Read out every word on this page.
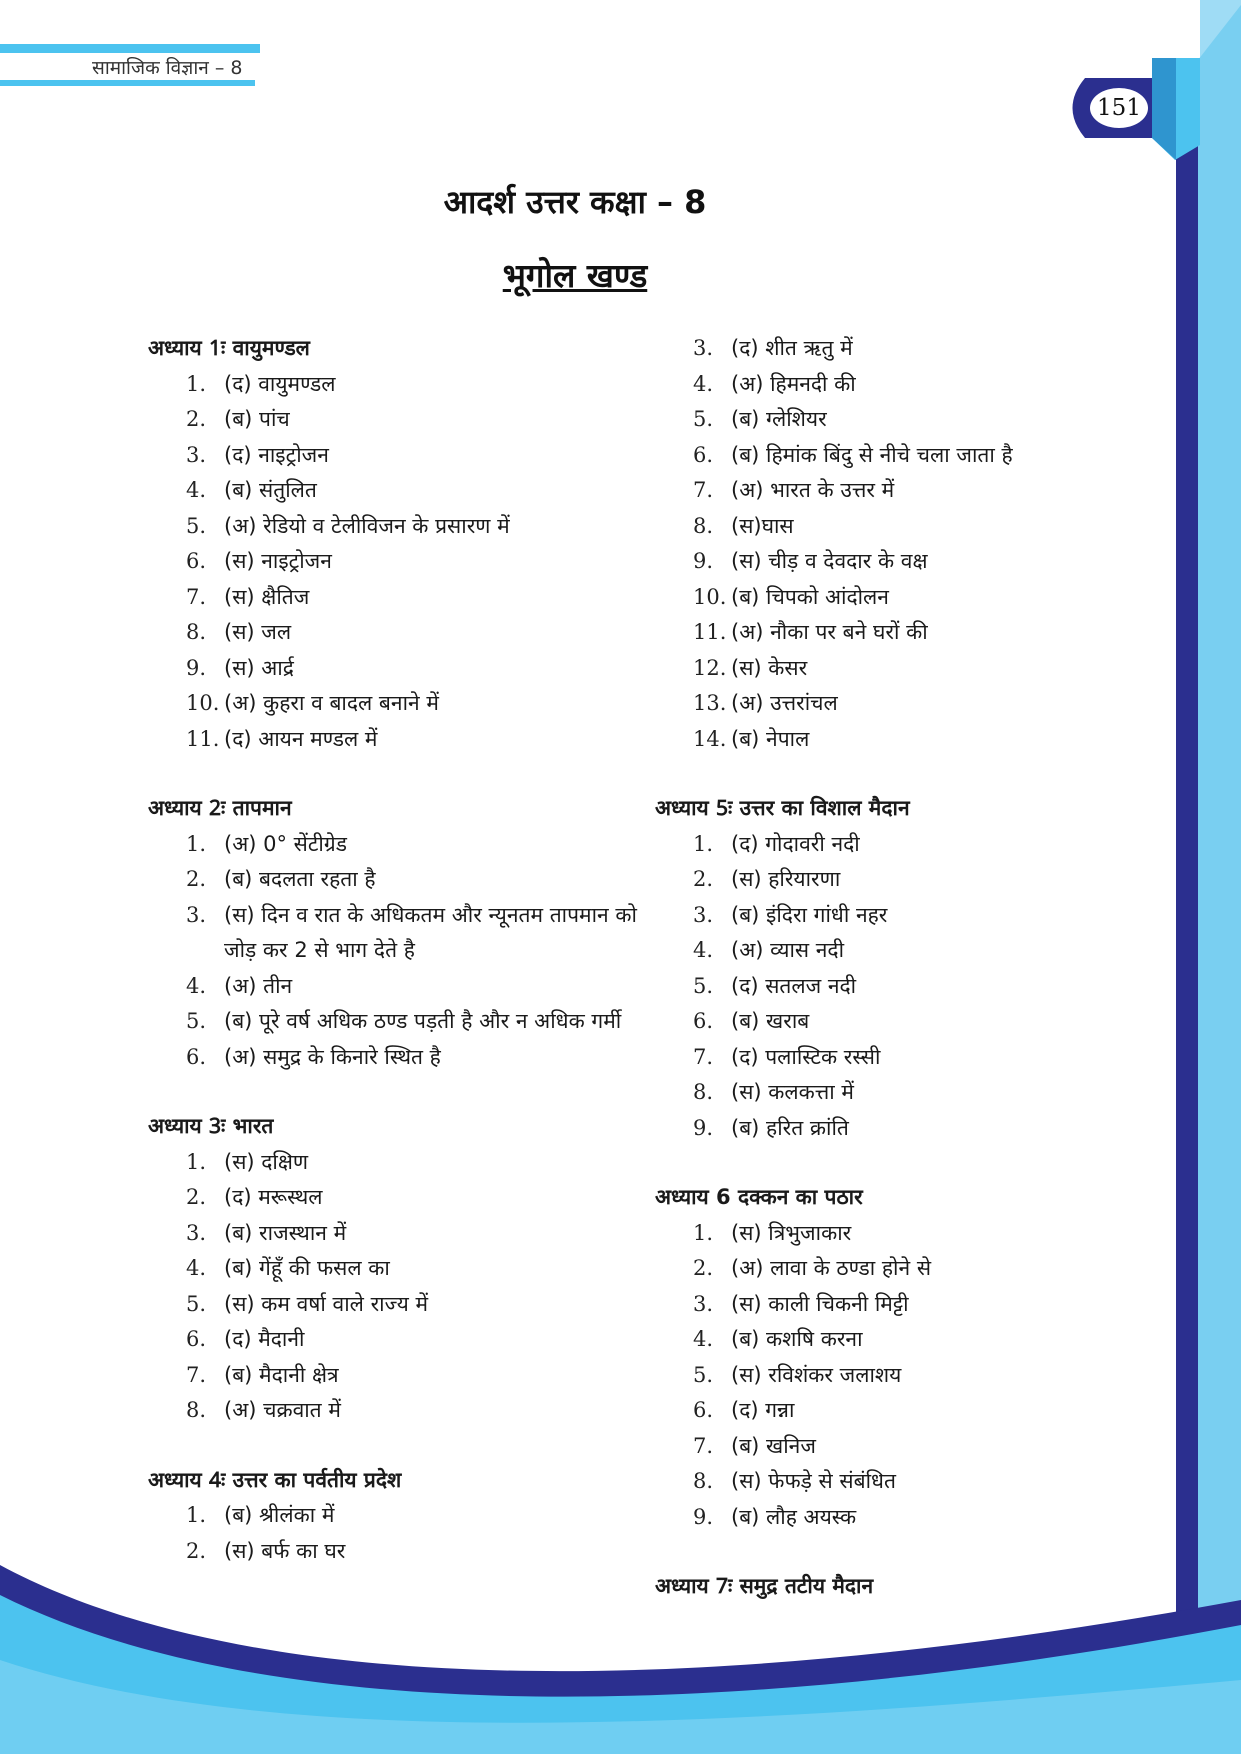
सामाजिक विज्ञान – 8
151
आदर्श उत्तर कक्षा – 8
भूगोल खण्ड
अध्याय 1ः वायुमण्डल
1. (द) वायुमण्डल
2. (ब) पांच
3. (द) नाइट्रोजन
4. (ब) संतुलित
5. (अ) रेडियो व टेलीविजन के प्रसारण में
6. (स) नाइट्रोजन
7. (स) क्षैतिज
8. (स) जल
9. (स) आर्द्र
10. (अ) कुहरा व बादल बनाने में
11. (द) आयन मण्डल में
अध्याय 2ः तापमान
1. (अ) 0° सेंटीग्रेड
2. (ब) बदलता रहता है
3. (स) दिन व रात के अधिकतम और न्यूनतम तापमान को जोड़ कर 2 से भाग देते है
4. (अ) तीन
5. (ब) पूरे वर्ष अधिक ठण्ड पड़ती है और न अधिक गर्मी
6. (अ) समुद्र के किनारे स्थित है
अध्याय 3ः भारत
1. (स) दक्षिण
2. (द) मरूस्थल
3. (ब) राजस्थान में
4. (ब) गेंहूँ की फसल का
5. (स) कम वर्षा वाले राज्य में
6. (द) मैदानी
7. (ब) मैदानी क्षेत्र
8. (अ) चक्रवात में
अध्याय 4ः उत्तर का पर्वतीय प्रदेश
1. (ब) श्रीलंका में
2. (स) बर्फ का घर
3. (द) शीत ऋतु में
4. (अ) हिमनदी की
5. (ब) ग्लेशियर
6. (ब) हिमांक बिंदु से नीचे चला जाता है
7. (अ) भारत के उत्तर में
8. (स)घास
9. (स) चीड़ व देवदार के वक्ष
10. (ब) चिपको आंदोलन
11. (अ) नौका पर बने घरों की
12. (स) केसर
13. (अ) उत्तरांचल
14. (ब) नेपाल
अध्याय 5ः उत्तर का विशाल मैदान
1. (द) गोदावरी नदी
2. (स) हरियारणा
3. (ब) इंदिरा गांधी नहर
4. (अ) व्यास नदी
5. (द) सतलज नदी
6. (ब) खराब
7. (द) पलास्टिक रस्सी
8. (स) कलकत्ता में
9. (ब) हरित क्रांति
अध्याय 6 दक्कन का पठार
1. (स) त्रिभुजाकार
2. (अ) लावा के ठण्डा होने से
3. (स) काली चिकनी मिट्टी
4. (ब) कशषि करना
5. (स) रविशंकर जलाशय
6. (द) गन्ना
7. (ब) खनिज
8. (स) फेफड़े से संबंधित
9. (ब) लौह अयस्क
अध्याय 7ः समुद्र तटीय मैदान
